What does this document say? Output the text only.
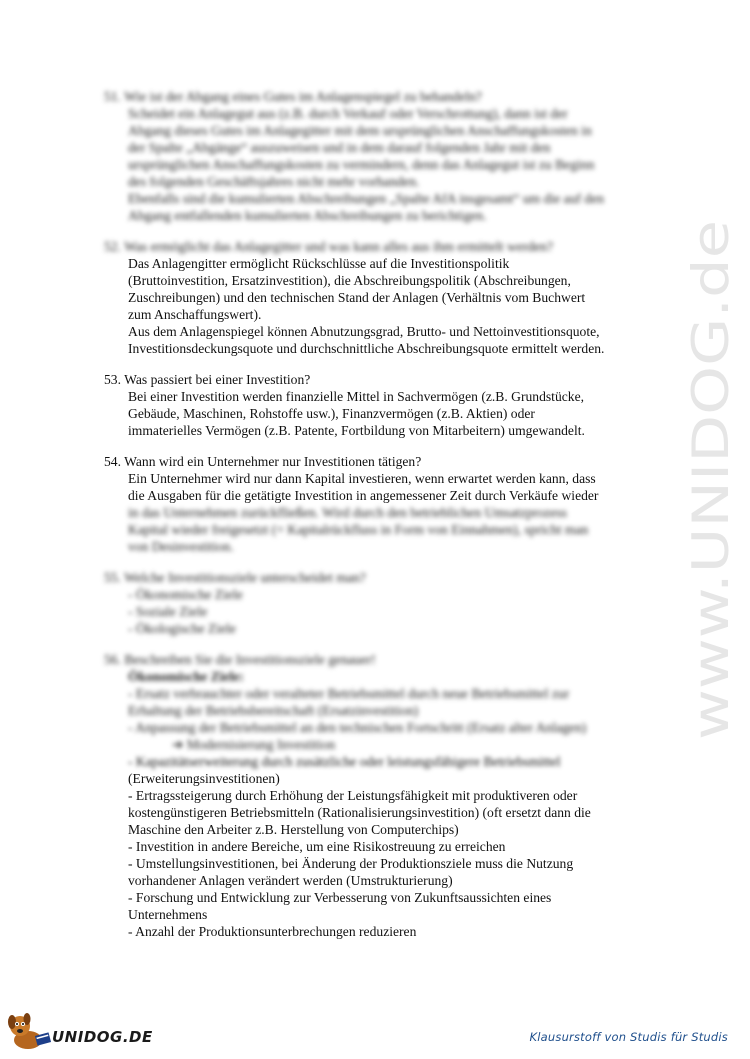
51. Wie ist der Abgang eines Gutes im Anlagenspiegel zu behandeln?
Scheidet ein Anlagegut aus (z.B. durch Verkauf oder Verschrottung), dann ist der
Abgang dieses Gutes im Anlagegitter mit dem ursprünglichen Anschaffungskosten in
der Spalte „Abgänge“ auszuweisen und in dem darauf folgenden Jahr mit den
ursprünglichen Anschaffungskosten zu vermindern, denn das Anlagegut ist zu Beginn
des folgenden Geschäftsjahres nicht mehr vorhanden.
Ebenfalls sind die kumulierten Abschreibungen „Spalte AfA insgesamt“ um die auf den
Abgang entfallenden kumulierten Abschreibungen zu berichtigen.
52. Was ermöglicht das Anlagegitter und was kann alles aus ihm ermittelt werden?
Das Anlagengitter ermöglicht Rückschlüsse auf die Investitionspolitik
(Bruttoinvestition, Ersatzinvestition), die Abschreibungspolitik (Abschreibungen,
Zuschreibungen) und den technischen Stand der Anlagen (Verhältnis vom Buchwert
zum Anschaffungswert).
Aus dem Anlagenspiegel können Abnutzungsgrad, Brutto- und Nettoinvestitionsquote,
Investitionsdeckungsquote und durchschnittliche Abschreibungsquote ermittelt werden.
53. Was passiert bei einer Investition?
Bei einer Investition werden finanzielle Mittel in Sachvermögen (z.B. Grundstücke,
Gebäude, Maschinen, Rohstoffe usw.), Finanzvermögen (z.B. Aktien) oder
immaterielles Vermögen (z.B. Patente, Fortbildung von Mitarbeitern) umgewandelt.
54. Wann wird ein Unternehmer nur Investitionen tätigen?
Ein Unternehmer wird nur dann Kapital investieren, wenn erwartet werden kann, dass
die Ausgaben für die getätigte Investition in angemessener Zeit durch Verkäufe wieder
in das Unternehmen zurückfließen. Wird durch den betrieblichen Umsatzprozess
Kapital wieder freigesetzt (= Kapitalrückfluss in Form von Einnahmen), spricht man
von Desinvestition.
55. Welche Investitionsziele unterscheidet man?
- Ökonomische Ziele
- Soziale Ziele
- Ökologische Ziele
56. Beschreiben Sie die Investitionsziele genauer!
Ökonomische Ziele:
- Ersatz verbrauchter oder veralteter Betriebsmittel durch neue Betriebsmittel zur
Erhaltung der Betriebsbereitschaft (Ersatzinvestition)
- Anpassung der Betriebsmittel an den technischen Fortschritt (Ersatz alter Anlagen)
➔ Modernisierung Investition
- Kapazitätserweiterung durch zusätzliche oder leistungsfähigere Betriebsmittel
(Erweiterungsinvestitionen)
- Ertragssteigerung durch Erhöhung der Leistungsfähigkeit mit produktiveren oder
kostengünstigeren Betriebsmitteln (Rationalisierungsinvestition) (oft ersetzt dann die
Maschine den Arbeiter z.B. Herstellung von Computerchips)
- Investition in andere Bereiche, um eine Risikostreuung zu erreichen
- Umstellungsinvestitionen, bei Änderung der Produktionsziele muss die Nutzung
vorhandener Anlagen verändert werden (Umstrukturierung)
- Forschung und Entwicklung zur Verbesserung von Zukunftsaussichten eines
Unternehmens
- Anzahl der Produktionsunterbrechungen reduzieren
www.UNIDOG.de
UNIDOG.DE	Klausurstoff von Studis für Studis
